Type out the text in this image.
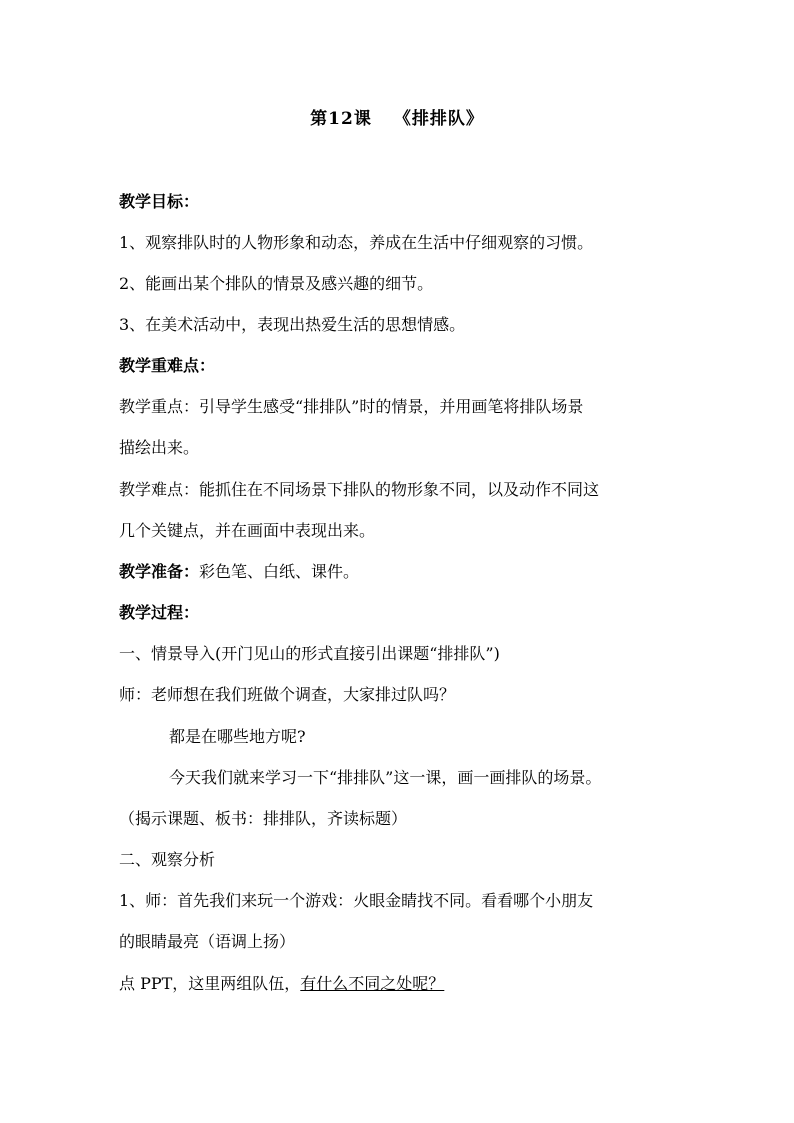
第12课 《排排队》
教学目标：
1、观察排队时的人物形象和动态，养成在生活中仔细观察的习惯。
2、能画出某个排队的情景及感兴趣的细节。
3、在美术活动中，表现出热爱生活的思想情感。
教学重难点：
教学重点：引导学生感受“排排队”时的情景，并用画笔将排队场景
描绘出来。
教学难点：能抓住在不同场景下排队的物形象不同，以及动作不同这
几个关键点，并在画面中表现出来。
教学准备：彩色笔、白纸、课件。
教学过程：
一、情景导入(开门见山的形式直接引出课题“排排队”)
师：老师想在我们班做个调查，大家排过队吗？
都是在哪些地方呢?
今天我们就来学习一下“排排队”这一课，画一画排队的场景。
（揭示课题、板书：排排队，齐读标题）
二、观察分析
1、师：首先我们来玩一个游戏：火眼金睛找不同。看看哪个小朋友
的眼睛最亮（语调上扬）
点 PPT，这里两组队伍，有什么不同之处呢？
